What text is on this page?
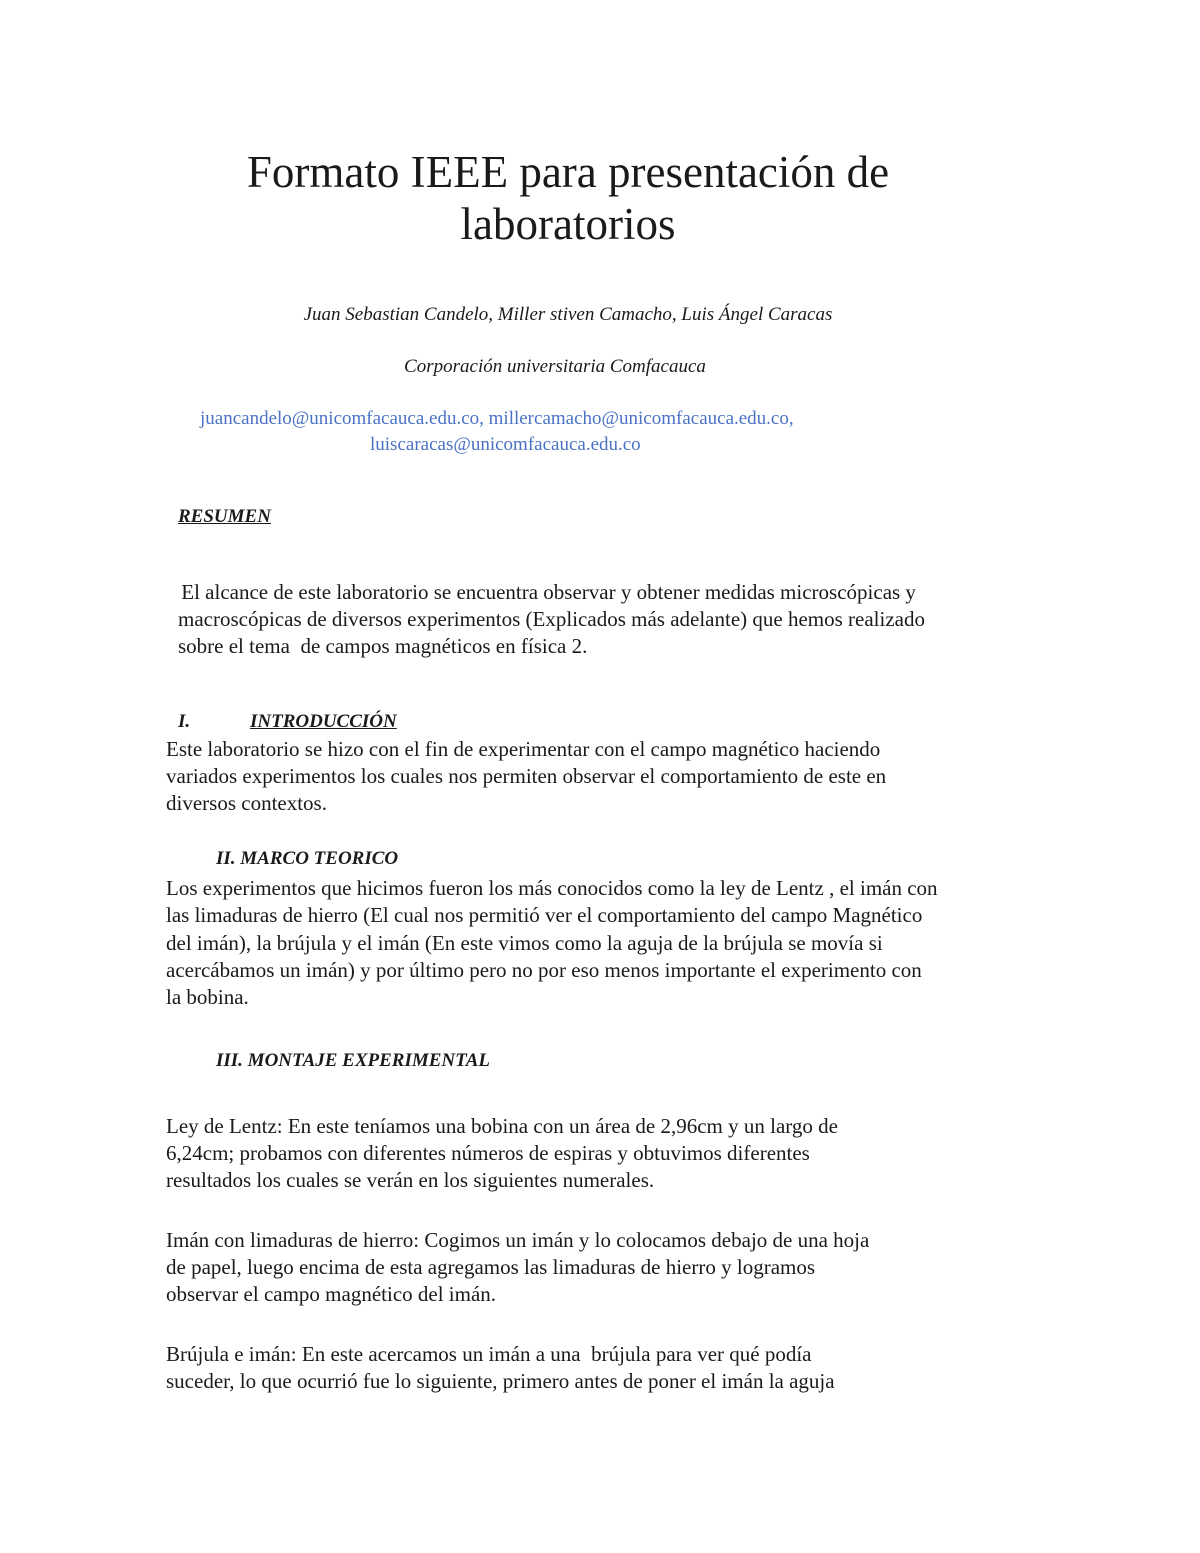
Formato IEEE para presentación de
laboratorios

Juan Sebastian Candelo, Miller stiven Camacho, Luis Ángel Caracas

Corporación universitaria Comfacauca

juancandelo@unicomfacauca.edu.co, millercamacho@unicomfacauca.edu.co,

luiscaracas@unicomfacauca.edu.co

RESUMEN

El alcance de este laboratorio se encuentra observar y obtener medidas microscópicas y

macroscópicas de diversos experimentos (Explicados más adelante) que hemos realizado

sobre el tema  de campos magnéticos en física 2.

I.	INTRODUCCIÓN

Este laboratorio se hizo con el fin de experimentar con el campo magnético haciendo

variados experimentos los cuales nos permiten observar el comportamiento de este en

diversos contextos.

II. MARCO TEORICO

Los experimentos que hicimos fueron los más conocidos como la ley de Lentz , el imán con

las limaduras de hierro (El cual nos permitió ver el comportamiento del campo Magnético

del imán), la brújula y el imán (En este vimos como la aguja de la brújula se movía si

acercábamos un imán) y por último pero no por eso menos importante el experimento con

la bobina.

III. MONTAJE EXPERIMENTAL

Ley de Lentz: En este teníamos una bobina con un área de 2,96cm y un largo de

6,24cm; probamos con diferentes números de espiras y obtuvimos diferentes

resultados los cuales se verán en los siguientes numerales.

Imán con limaduras de hierro: Cogimos un imán y lo colocamos debajo de una hoja

de papel, luego encima de esta agregamos las limaduras de hierro y logramos

observar el campo magnético del imán.

Brújula e imán: En este acercamos un imán a una  brújula para ver qué podía

suceder, lo que ocurrió fue lo siguiente, primero antes de poner el imán la aguja
